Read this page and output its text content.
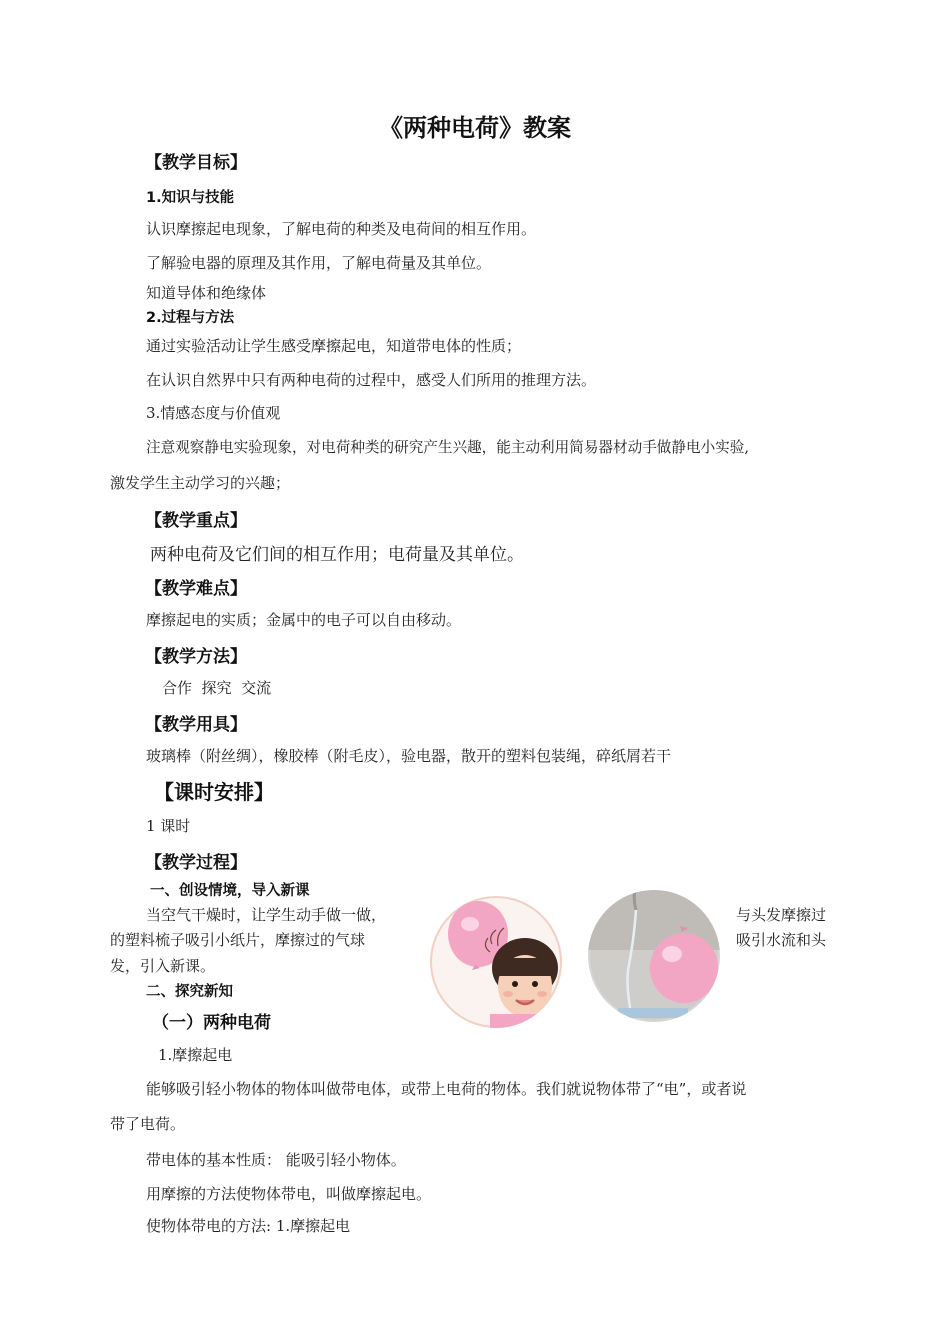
《两种电荷》教案
【教学目标】
1.知识与技能
认识摩擦起电现象，了解电荷的种类及电荷间的相互作用。
了解验电器的原理及其作用，了解电荷量及其单位。
知道导体和绝缘体
2.过程与方法
通过实验活动让学生感受摩擦起电，知道带电体的性质；
在认识自然界中只有两种电荷的过程中，感受人们所用的推理方法。
3.情感态度与价值观
注意观察静电实验现象，对电荷种类的研究产生兴趣，能主动利用简易器材动手做静电小实验,
激发学生主动学习的兴趣；
【教学重点】
两种电荷及它们间的相互作用；电荷量及其单位。
【教学难点】
摩擦起电的实质；金属中的电子可以自由移动。
【教学方法】
合作  探究  交流
【教学用具】
玻璃棒（附丝绸），橡胶棒（附毛皮），验电器，散开的塑料包装绳，碎纸屑若干
【课时安排】
1 课时
【教学过程】
一、创设情境，导入新课
当空气干燥时，让学生动手做一做，
的塑料梳子吸引小纸片，摩擦过的气球
发，引入新课。
与头发摩擦过
吸引水流和头
二、探究新知
（一）两种电荷
1.摩擦起电
能够吸引轻小物体的物体叫做带电体，或带上电荷的物体。我们就说物体带了“电”，或者说
带了电荷。
带电体的基本性质： 能吸引轻小物体。
用摩擦的方法使物体带电，叫做摩擦起电。
使物体带电的方法: 1.摩擦起电
